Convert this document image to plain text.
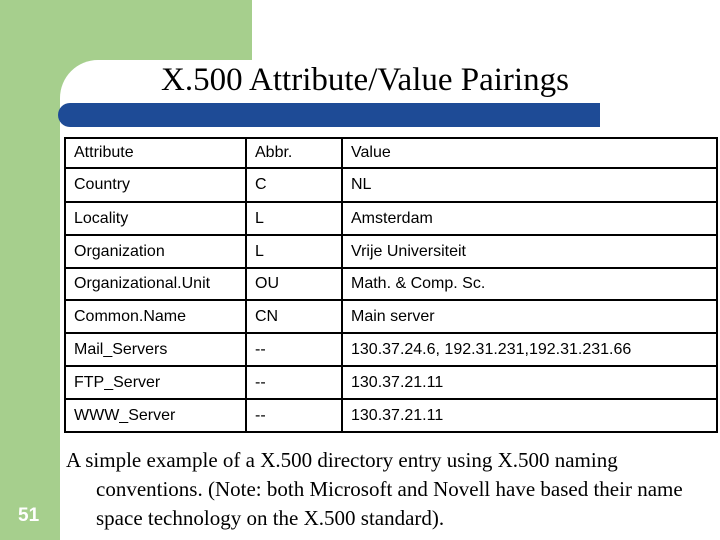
X.500 Attribute/Value Pairings
Attribute	Abbr.	Value
Country	C	NL
Locality	L	Amsterdam
Organization	L	Vrije Universiteit
Organizational.Unit	OU	Math. & Comp. Sc.
Common.Name	CN	Main server
Mail_Servers	--	130.37.24.6, 192.31.231,192.31.231.66
FTP_Server	--	130.37.21.11
WWW_Server	--	130.37.21.11
A simple example of a X.500 directory entry using X.500 naming conventions. (Note: both Microsoft and Novell have based their name space technology on the X.500 standard).
51
